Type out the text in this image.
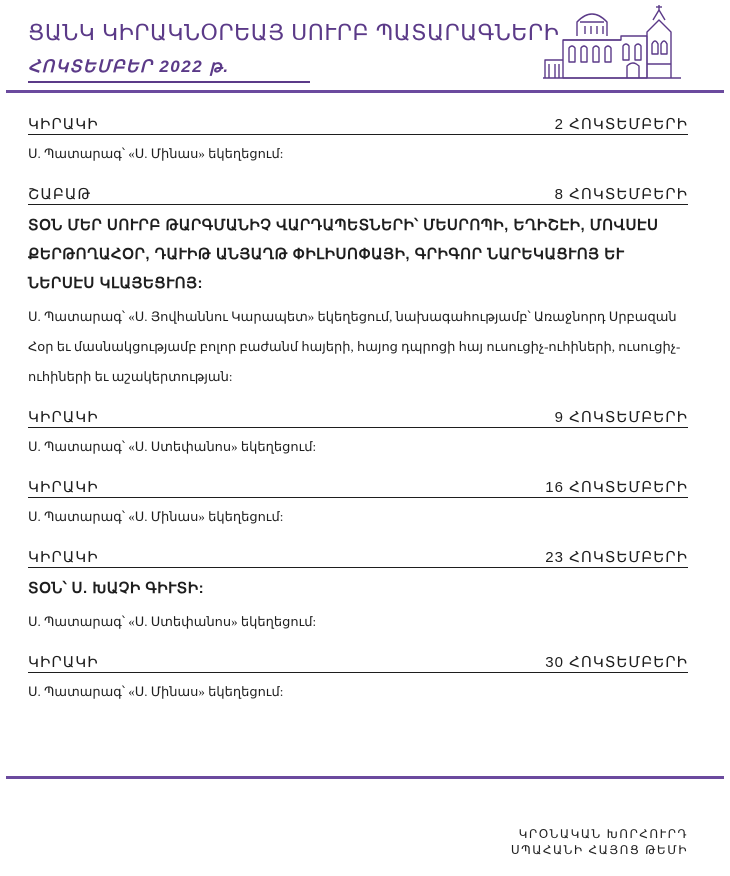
ՑԱՆԿ ԿԻՐԱԿՆՕՐԵԱՅ ՍՈՒՐԲ ՊԱՏԱՐԱԳՆԵՐԻ
ՀՈԿՏԵՄԲԵՐ 2022 թ.
ԿԻՐԱԿԻ	2 ՀՈԿՏԵՄԲԵՐԻ
Ս. Պատարագ՝ «Ս. Մինաս» եկեղեցում:
ՇԱԲԱԹ	8 ՀՈԿՏԵՄԲԵՐԻ
ՏՕՆ ՄԵՐ ՍՈՒՐԲ ԹԱՐԳՄԱՆԻՉ ՎԱՐԴԱՊԵՏՆԵՐԻ՝ ՄԵՍՐՈՊԻ, ԵՂԻՇԷԻ, ՄՈՎՍԷՍ ՔԵՐԹՈՂԱՀՕՐ, ԴԱՒԻԹ ԱՆՅԱՂԹ ՓԻԼԻՍՈՓԱՅԻ, ԳՐԻԳՈՐ ՆԱՐԵԿԱՑՒՈՅ ԵՒ ՆԵՐՍԷՍ ԿԼԱՅԵՑՒՈՅ:
Ս. Պատարագ՝ «Ս. Յովհաննու Կարապետ» եկեղեցում, նախագահությամբ՝ Առաջնորդ Սրբազան Հօր եւ մասնակցությամբ բոլոր բաժանմ հայերի, հայոց դպրոցի հայ ուսուցիչ-ուհիների, ուսուցիչ-ուհիների եւ աշակերտության:
ԿԻՐԱԿԻ	9 ՀՈԿՏԵՄԲԵՐԻ
Ս. Պատարագ՝ «Ս. Ստեփանոս» եկեղեցում:
ԿԻՐԱԿԻ	16 ՀՈԿՏԵՄԲԵՐԻ
Ս. Պատարագ՝ «Ս. Մինաս» եկեղեցում:
ԿԻՐԱԿԻ	23 ՀՈԿՏԵՄԲԵՐԻ
ՏՕՆ՝ Ս. ԽԱՉԻ ԳԻՒՏԻ:
Ս. Պատարագ՝ «Ս. Ստեփանոս» եկեղեցում:
ԿԻՐԱԿԻ	30 ՀՈԿՏԵՄԲԵՐԻ
Ս. Պատարագ՝ «Ս. Մինաս» եկեղեցում:
ԿՐՕՆԱԿԱՆ ԽՈՐՀՈՒՐԴ
ՍՊԱՀԱՆԻ ՀԱՅՈՑ ԹԵՄԻ
